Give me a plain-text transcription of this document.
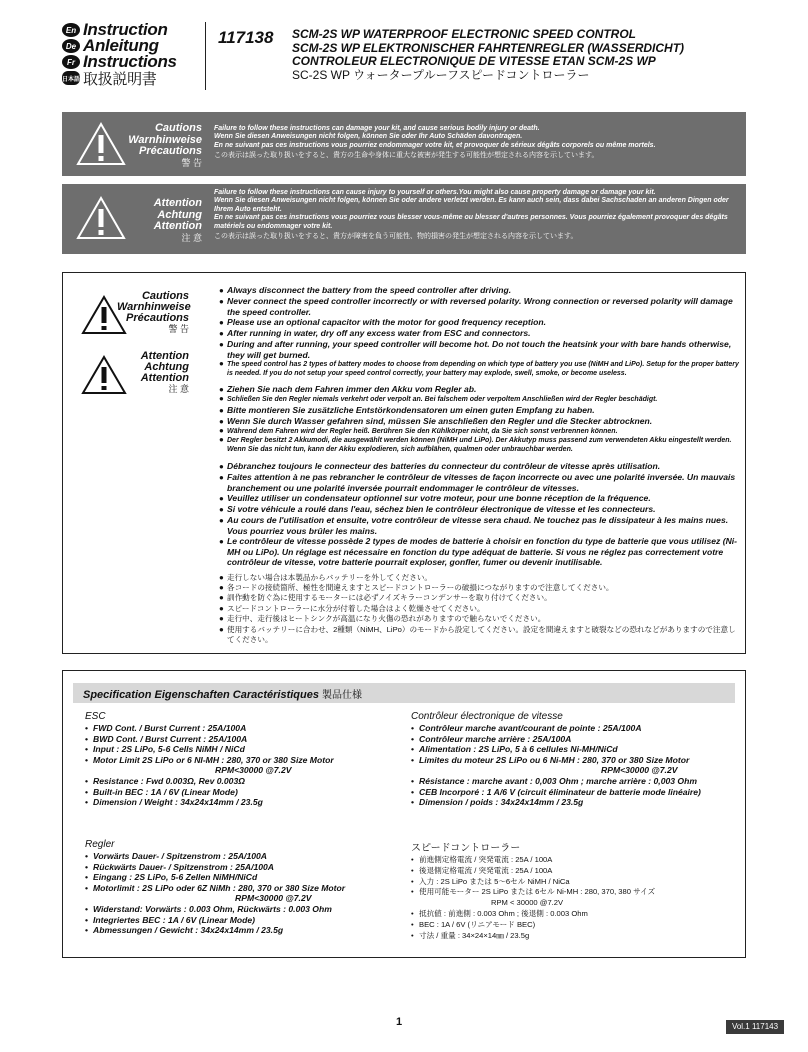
En Instruction
De Anleitung
Fr Instructions
日本語 取扱説明書
117138 SCM-2S WP WATERPROOF ELECTRONIC SPEED CONTROL
SCM-2S WP ELEKTRONISCHER FAHRTENREGLER (WASSERDICHT)
CONTROLEUR ELECTRONIQUE DE VITESSE ETAN SCM-2S WP
SC-2S WP ウォータープルーフスピードコントローラー
Cautions
Warnhinweise
Précautions
警 告
Failure to follow these instructions can damage your kit, and cause serious bodily injury or death.
Wenn Sie diesen Anweisungen nicht folgen, können Sie oder Ihr Auto Schäden davontragen.
En ne suivant pas ces instructions vous pourriez endommager votre kit, et provoquer de sérieux dégâts corporels ou même mortels.
この表示は誤った取り扱いをすると、貴方の生命や身体に重大な被害が発生する可能性が想定される内容を示しています。
Attention
Achtung
Attention
注 意
Failure to follow these instructions can cause injury to yourself or others.You might also cause property damage or damage your kit.
Wenn Sie diesen Anweisungen nicht folgen, können Sie oder andere verletzt werden. Es kann auch sein, dass dabei Sachschaden an anderen Dingen oder Ihrem Auto entsteht.
En ne suivant pas ces instructions vous pourriez vous blesser vous-même ou blesser d'autres personnes. Vous pourriez également provoquer des dégâts matériels ou endommager votre kit.
この表示は誤った取り扱いをすると、貴方が障害を負う可能性、物的損害の発生が想定される内容を示しています。
Cautions
Warnhinweise
Précautions
警 告
Attention
Achtung
Attention
注 意
● Always disconnect the battery from the speed controller after driving.
● Never connect the speed controller incorrectly or with reversed polarity. Wrong connection or reversed polarity will damage the speed controller.
● Please use an optional capacitor with the motor for good frequency reception.
● After running in water, dry off any excess water from ESC and connectors.
● During and after running, your speed controller will become hot. Do not touch the heatsink your with bare hands otherwise, they will get burned.
● The speed control has 2 types of battery modes to choose from depending on which type of battery you use (NiMH and LiPo). Setup for the proper battery is needed. If you do not setup your speed control correctly, your battery may explode, swell, smoke, or become useless.
● Ziehen Sie nach dem Fahren immer den Akku vom Regler ab.
● Schließen Sie den Regler niemals verkehrt oder verpolt an. Bei falschem oder verpoltem Anschließen wird der Regler beschädigt.
● Bitte montieren Sie zusätzliche Entstörkondensatoren um einen guten Empfang zu haben.
● Wenn Sie durch Wasser gefahren sind, müssen Sie anschließen den Regler und die Stecker abtrocknen.
● Während dem Fahren wird der Regler heiß. Berühren Sie den Kühlkörper nicht, da Sie sich sonst verbrennen können.
● Der Regler besitzt 2 Akkumodi, die ausgewählt werden können (NiMH und LiPo). Der Akkutyp muss passend zum verwendeten Akku eingestellt werden. Wenn Sie das nicht tun, kann der Akku explodieren, sich aufblähen, qualmen oder unbrauchbar werden.
● Débranchez toujours le connecteur des batteries du connecteur du contrôleur de vitesse après utilisation.
● Faites attention à ne pas rebrancher le contrôleur de vitesses de façon incorrecte ou avec une polarité inversée. Un mauvais branchement ou une polarité inversée pourrait endommager le contrôleur de vitesses.
● Veuillez utiliser un condensateur optionnel sur votre moteur, pour une bonne réception de la fréquence.
● Si votre véhicule a roulé dans l'eau, séchez bien le contrôleur électronique de vitesse et les connecteurs.
● Au cours de l'utilisation et ensuite, votre contrôleur de vitesse sera chaud. Ne touchez pas le dissipateur à les mains nues. Vous pourriez vous brûler les mains.
● Le contrôleur de vitesse possède 2 types de modes de batterie à choisir en fonction du type de batterie que vous utilisez (Ni-MH ou LiPo). Un réglage est nécessaire en fonction du type adéquat de batterie. Si vous ne réglez pas correctement votre contrôleur de vitesse, votre batterie pourrait exploser, gonfler, fumer ou devenir inutilisable.
● 走行しない場合は本製品からバッテリーを外してください。
● 各コードの接続箇所、極性を間違えますとスピードコントローラーの破損につながりますので注意してください。
● 訓作動を防ぐ為に使用するモーターには必ずノイズキラーコンデンサーを取り付けてください。
● スピードコントローラーに水分が付着した場合はよく乾燥させてください。
● 走行中、走行後はヒートシンクが高温になり火傷の恐れがありますので触らないでください。
● 使用するバッテリーに合わせ、2種類（NiMH、LiPo）のモードから設定してください。設定を間違えますと破裂などの恐れなどがありますので注意してください。
Specification Eigenschaften Caractéristiques 製品仕様
ESC
• FWD Cont. / Burst Current : 25A/100A
• BWD Cont. / Burst Current : 25A/100A
• Input : 2S LiPo, 5-6 Cells NiMH / NiCd
• Motor Limit 2S LiPo or 6 NI-MH : 280, 370 or 380 Size Motor
RPM<30000 @7.2V
• Resistance : Fwd 0.003Ω, Rev 0.003Ω
• Built-in BEC : 1A / 6V (Linear Mode)
• Dimension / Weight : 34x24x14mm / 23.5g
Contrôleur électronique de vitesse
• Contrôleur marche avant/courant de pointe : 25A/100A
• Contrôleur marche arrière : 25A/100A
• Alimentation : 2S LiPo, 5 à 6 cellules Ni-MH/NiCd
• Limites du moteur 2S LiPo ou 6 Ni-MH : 280, 370 or 380 Size Motor
RPM<30000 @7.2V
• Résistance : marche avant : 0,003 Ohm ; marche arrière : 0,003 Ohm
• CEB Incorporé : 1 A/6 V (circuit éliminateur de batterie mode linéaire)
• Dimension / poids : 34x24x14mm / 23.5g
Regler
• Vorwärts Dauer- / Spitzenstrom : 25A/100A
• Rückwärts Dauer- / Spitzenstrom : 25A/100A
• Eingang : 2S LiPo, 5-6 Zellen NiMH/NiCd
• Motorlimit : 2S LiPo oder 6Z NiMh : 280, 370 or 380 Size Motor
RPM<30000 @7.2V
• Widerstand: Vorwärts : 0.003 Ohm, Rückwärts : 0.003 Ohm
• Integriertes BEC : 1A / 6V (Linear Mode)
• Abmessungen / Gewicht : 34x24x14mm / 23.5g
スピードコントローラー
• 前進側定格電流 / 突発電流 : 25A / 100A
• 後退側定格電流 / 突発電流 : 25A / 100A
• 入力 : 2S LiPo または 5～6セル NiMH / NiCa
• 使用可能モーター 2S LiPo または 6セル Ni-MH : 280, 370, 380 サイズ
RPM < 30000 @7.2V
• 抵抗値 : 前進側 : 0.003 Ohm ; 後退側 : 0.003 Ohm
• BEC : 1A / 6V (リニアモード BEC)
• 寸法 / 重量 : 34×24×14㎜ / 23.5g
1	Vol.1 117143
